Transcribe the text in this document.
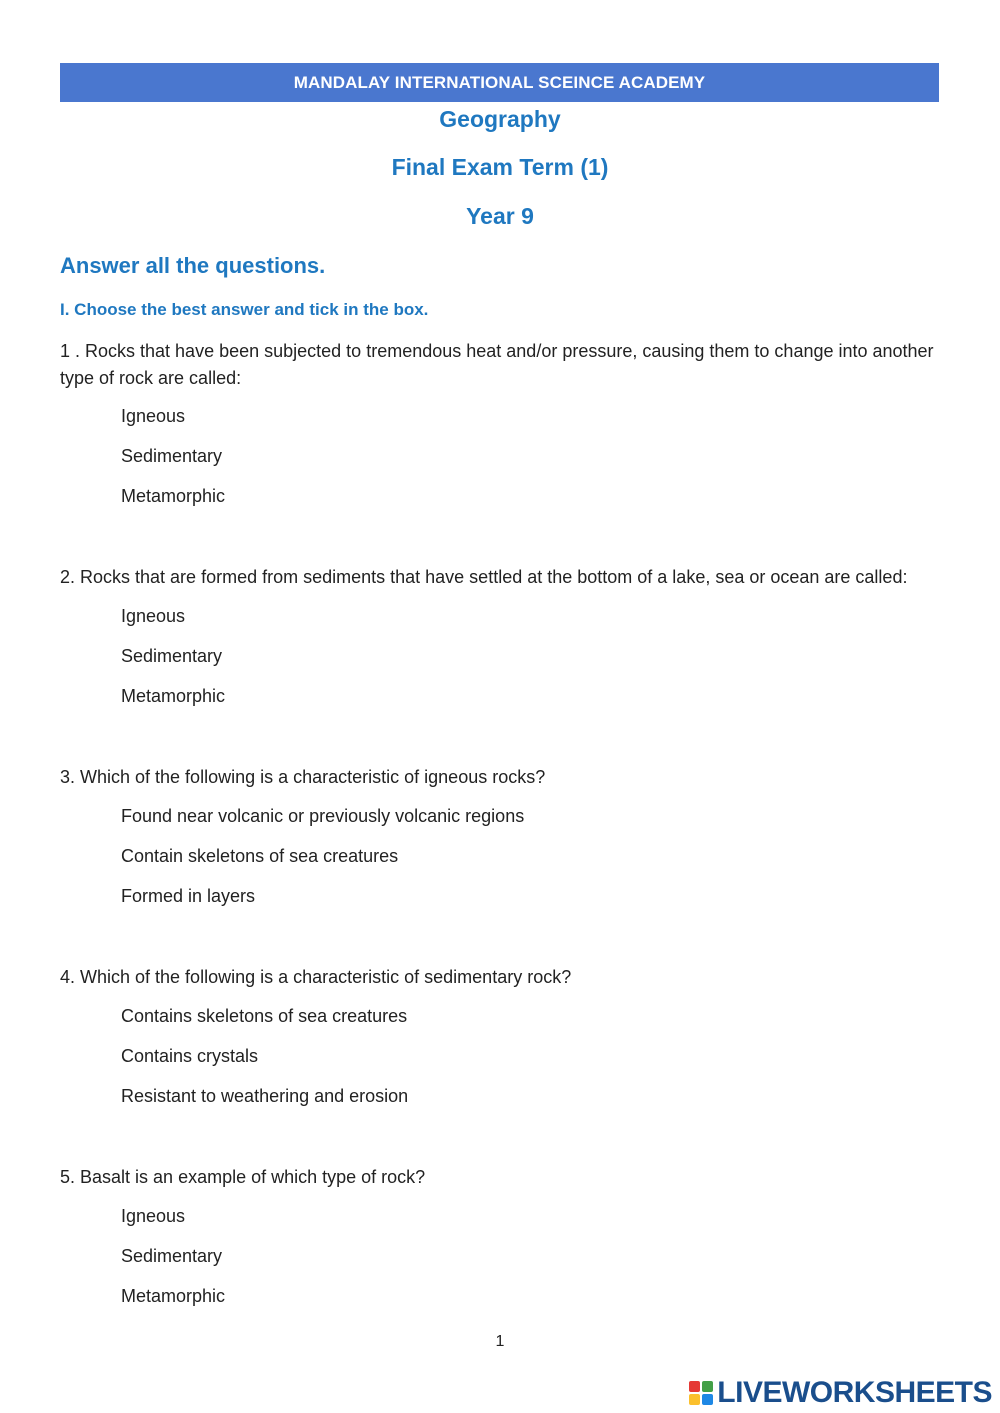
MANDALAY INTERNATIONAL SCEINCE ACADEMY
Geography
Final Exam Term (1)
Year 9
Answer all the questions.
I. Choose the best answer and tick in the box.
1 . Rocks that have been subjected to tremendous heat and/or pressure, causing them to change into another type of rock are called:
Igneous
Sedimentary
Metamorphic
2. Rocks that are formed from sediments that have settled at the bottom of a lake, sea or ocean are called:
Igneous
Sedimentary
Metamorphic
3. Which of the following is a characteristic of igneous rocks?
Found near volcanic or previously volcanic regions
Contain skeletons of sea creatures
Formed in layers
4. Which of the following is a characteristic of sedimentary rock?
Contains skeletons of sea creatures
Contains crystals
Resistant to weathering and erosion
5. Basalt is an example of which type of rock?
Igneous
Sedimentary
Metamorphic
1
LIVEWORKSHEETS
